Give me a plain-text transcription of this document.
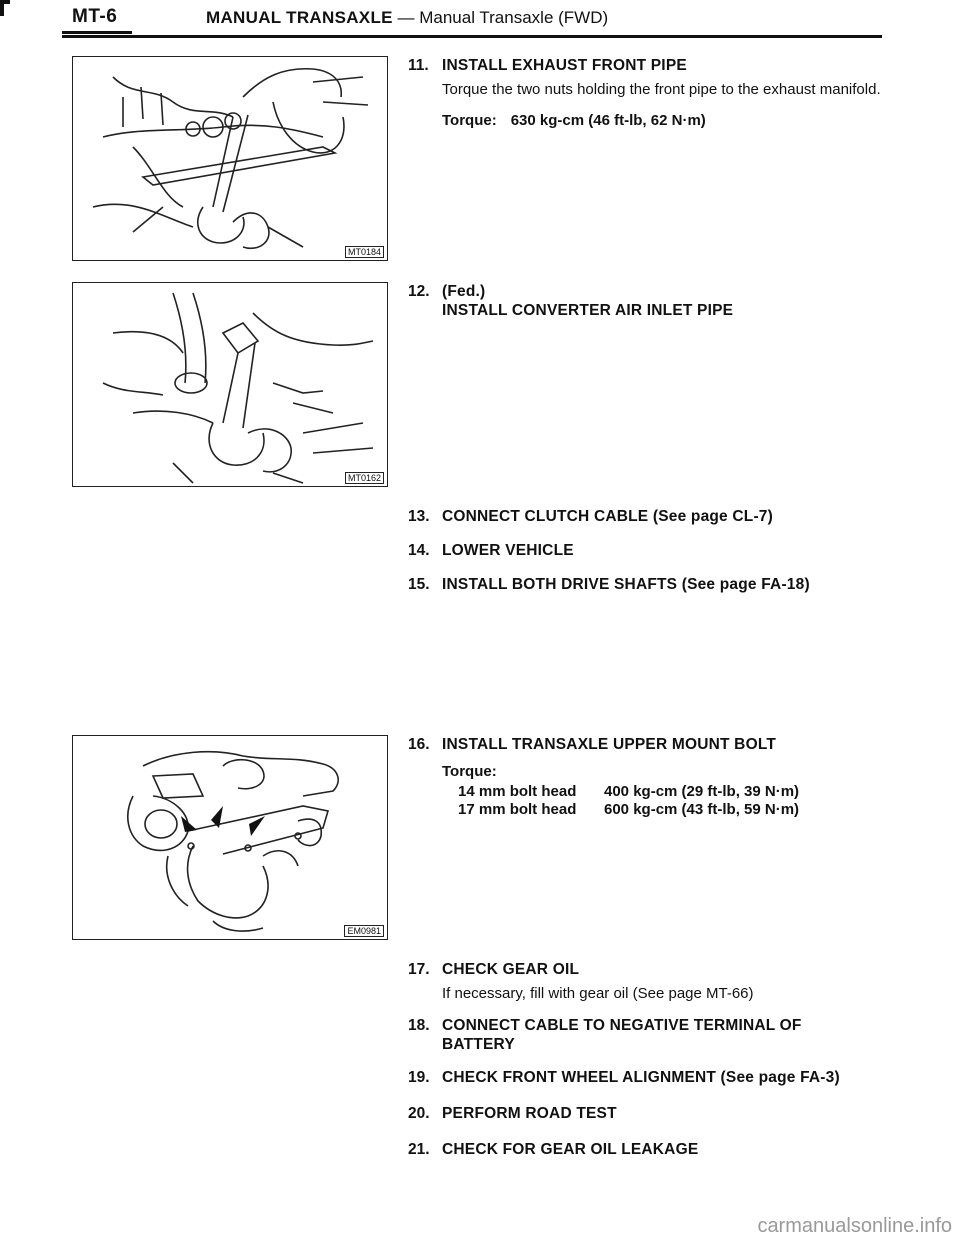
MT-6	MANUAL TRANSAXLE — Manual Transaxle (FWD)
MT0184
MT0162
EM0981
11. INSTALL EXHAUST FRONT PIPE
Torque the two nuts holding the front pipe to the exhaust manifold.
Torque: 630 kg-cm (46 ft-lb, 62 N·m)
12. (Fed.)
INSTALL CONVERTER AIR INLET PIPE
13. CONNECT CLUTCH CABLE (See page CL-7)
14. LOWER VEHICLE
15. INSTALL BOTH DRIVE SHAFTS (See page FA-18)
16. INSTALL TRANSAXLE UPPER MOUNT BOLT
Torque:
14 mm bolt head	400 kg-cm (29 ft-lb, 39 N·m)
17 mm bolt head	600 kg-cm (43 ft-lb, 59 N·m)
17. CHECK GEAR OIL
If necessary, fill with gear oil (See page MT-66)
18. CONNECT CABLE TO NEGATIVE TERMINAL OF
BATTERY
19. CHECK FRONT WHEEL ALIGNMENT (See page FA-3)
20. PERFORM ROAD TEST
21. CHECK FOR GEAR OIL LEAKAGE
carmanualsonline.info
